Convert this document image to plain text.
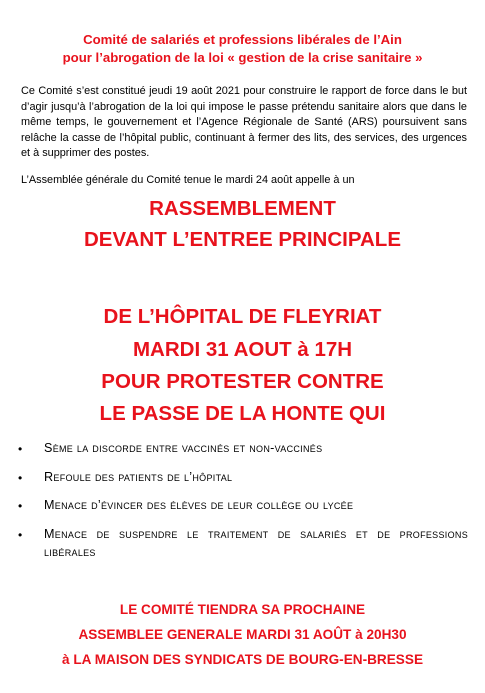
Comité de salariés et professions libérales de l’Ain
pour l’abrogation de la loi « gestion de la crise sanitaire »
Ce Comité s’est constitué jeudi 19 août 2021 pour construire le rapport de force dans le but d’agir jusqu’à l’abrogation de la loi qui impose le passe prétendu sanitaire alors que dans le même temps, le gouvernement et l’Agence Régionale de Santé (ARS) poursuivent sans relâche la casse de l’hôpital public, continuant à fermer des lits, des services, des urgences et à supprimer des postes.
L’Assemblée générale du Comité tenue le mardi 24 août appelle à un
RASSEMBLEMENT
DEVANT L’ENTREE PRINCIPALE
DE L’HÔPITAL DE FLEYRIAT
MARDI 31 AOUT à 17H
POUR PROTESTER CONTRE
LE PASSE DE LA HONTE QUI
• Sème la discorde entre vaccinés et non-vaccinés
• Refoule des patients de l’hôpital
• Menace d’évincer des élèves de leur collège ou lycée
• Menace de suspendre le traitement de salariés et de professions libérales
LE COMITÉ TIENDRA SA PROCHAINE
ASSEMBLEE GENERALE MARDI 31 AOÛT à 20H30
à LA MAISON DES SYNDICATS DE BOURG-EN-BRESSE
